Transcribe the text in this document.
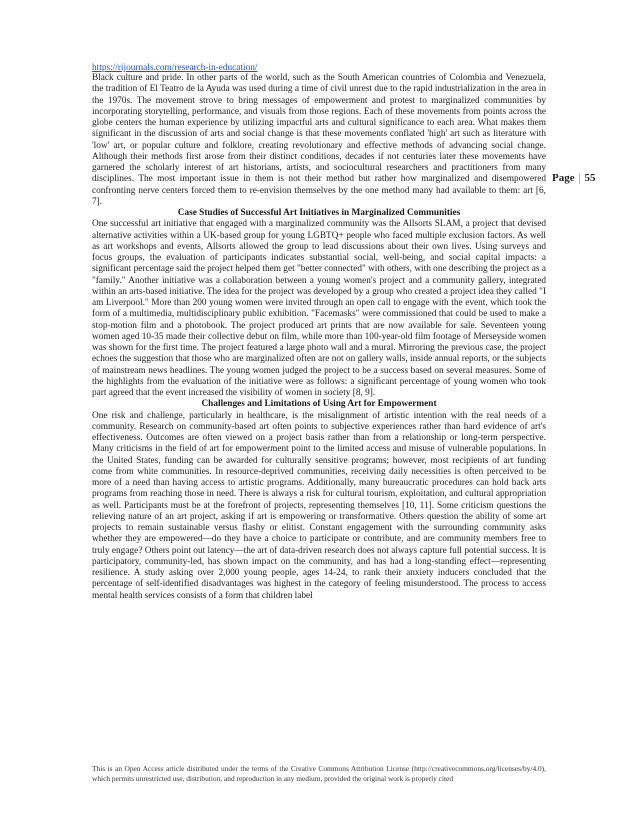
https://rijournals.com/research-in-education/
Page | 55

Black culture and pride. In other parts of the world, such as the South American countries of Colombia and Venezuela, the tradition of El Teatro de la Ayuda was used during a time of civil unrest due to the rapid industrialization in the area in the 1970s. The movement strove to bring messages of empowerment and protest to marginalized communities by incorporating storytelling, performance, and visuals from those regions. Each of these movements from points across the globe centers the human experience by utilizing impactful arts and cultural significance to each area. What makes them significant in the discussion of arts and social change is that these movements conflated 'high' art such as literature with 'low' art, or popular culture and folklore, creating revolutionary and effective methods of advancing social change. Although their methods first arose from their distinct conditions, decades if not centuries later these movements have garnered the scholarly interest of art historians, artists, and sociocultural researchers and practitioners from many disciplines. The most important issue in them is not their method but rather how marginalized and disempowered confronting nerve centers forced them to re-envision themselves by the one method many had available to them: art [6, 7].

Case Studies of Successful Art Initiatives in Marginalized Communities

One successful art initiative that engaged with a marginalized community was the Allsorts SLAM, a project that devised alternative activities within a UK-based group for young LGBTQ+ people who faced multiple exclusion factors. As well as art workshops and events, Allsorts allowed the group to lead discussions about their own lives. Using surveys and focus groups, the evaluation of participants indicates substantial social, well-being, and social capital impacts: a significant percentage said the project helped them get "better connected" with others, with one describing the project as a "family." Another initiative was a collaboration between a young women's project and a community gallery, integrated within an arts-based initiative. The idea for the project was developed by a group who created a project idea they called "I am Liverpool." More than 200 young women were invited through an open call to engage with the event, which took the form of a multimedia, multidisciplinary public exhibition. "Facemasks" were commissioned that could be used to make a stop-motion film and a photobook. The project produced art prints that are now available for sale. Seventeen young women aged 10-35 made their collective debut on film, while more than 100-year-old film footage of Merseyside women was shown for the first time. The project featured a large photo wall and a mural. Mirroring the previous case, the project echoes the suggestion that those who are marginalized often are not on gallery walls, inside annual reports, or the subjects of mainstream news headlines. The young women judged the project to be a success based on several measures. Some of the highlights from the evaluation of the initiative were as follows: a significant percentage of young women who took part agreed that the event increased the visibility of women in society [8, 9].

Challenges and Limitations of Using Art for Empowerment

One risk and challenge, particularly in healthcare, is the misalignment of artistic intention with the real needs of a community. Research on community-based art often points to subjective experiences rather than hard evidence of art's effectiveness. Outcomes are often viewed on a project basis rather than from a relationship or long-term perspective. Many criticisms in the field of art for empowerment point to the limited access and misuse of vulnerable populations. In the United States, funding can be awarded for culturally sensitive programs; however, most recipients of art funding come from white communities. In resource-deprived communities, receiving daily necessities is often perceived to be more of a need than having access to artistic programs. Additionally, many bureaucratic procedures can hold back arts programs from reaching those in need. There is always a risk for cultural tourism, exploitation, and cultural appropriation as well. Participants must be at the forefront of projects, representing themselves [10, 11]. Some criticism questions the relieving nature of an art project, asking if art is empowering or transformative. Others question the ability of some art projects to remain sustainable versus flashy or elitist. Constant engagement with the surrounding community asks whether they are empowered—do they have a choice to participate or contribute, and are community members free to truly engage? Others point out latency—the art of data-driven research does not always capture full potential success. It is participatory, community-led, has shown impact on the community, and has had a long-standing effect—representing resilience. A study asking over 2,000 young people, ages 14-24, to rank their anxiety inducers concluded that the percentage of self-identified disadvantages was highest in the category of feeling misunderstood. The process to access mental health services consists of a form that children label

This is an Open Access article distributed under the terms of the Creative Commons Attribution License (http://creativecommons.org/licenses/by/4.0), which permits unrestricted use, distribution, and reproduction in any medium, provided the original work is properly cited
